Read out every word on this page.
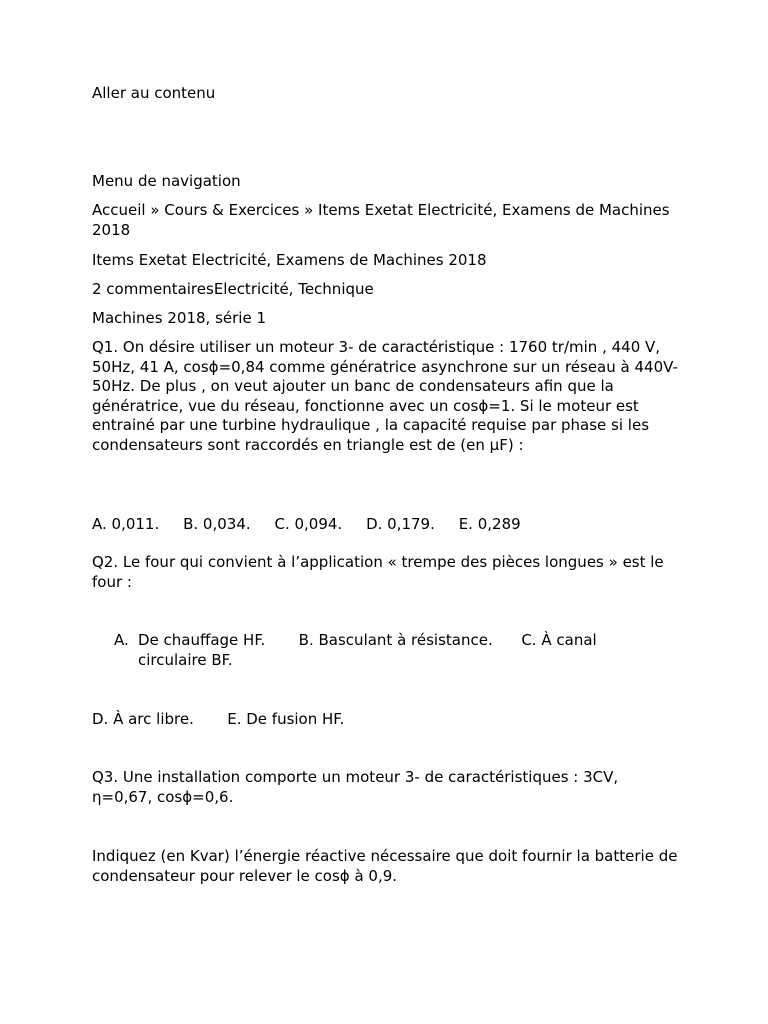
Aller au contenu

Menu de navigation

Accueil » Cours & Exercices » Items Exetat Electricité, Examens de Machines 2018

Items Exetat Electricité, Examens de Machines 2018

2 commentairesElectricité, Technique

Machines 2018, série 1

Q1. On désire utiliser un moteur 3- de caractéristique : 1760 tr/min , 440 V, 50Hz, 41 A, cosϕ=0,84 comme génératrice asynchrone sur un réseau à 440V-50Hz. De plus , on veut ajouter un banc de condensateurs afin que la génératrice, vue du réseau, fonctionne avec un cosϕ=1. Si le moteur est entrainé par une turbine hydraulique , la capacité requise par phase si les condensateurs sont raccordés en triangle est de (en µF) :

A. 0,011. B. 0,034. C. 0,094. D. 0,179. E. 0,289

Q2. Le four qui convient à l’application « trempe des pièces longues » est le four :

A. De chauffage HF.       B. Basculant à résistance.      C. À canal circulaire BF.

D. À arc libre.       E. De fusion HF.

Q3. Une installation comporte un moteur 3- de caractéristiques : 3CV, η=0,67, cosϕ=0,6.

Indiquez (en Kvar) l’énergie réactive nécessaire que doit fournir la batterie de condensateur pour relever le cosϕ à 0,9.
